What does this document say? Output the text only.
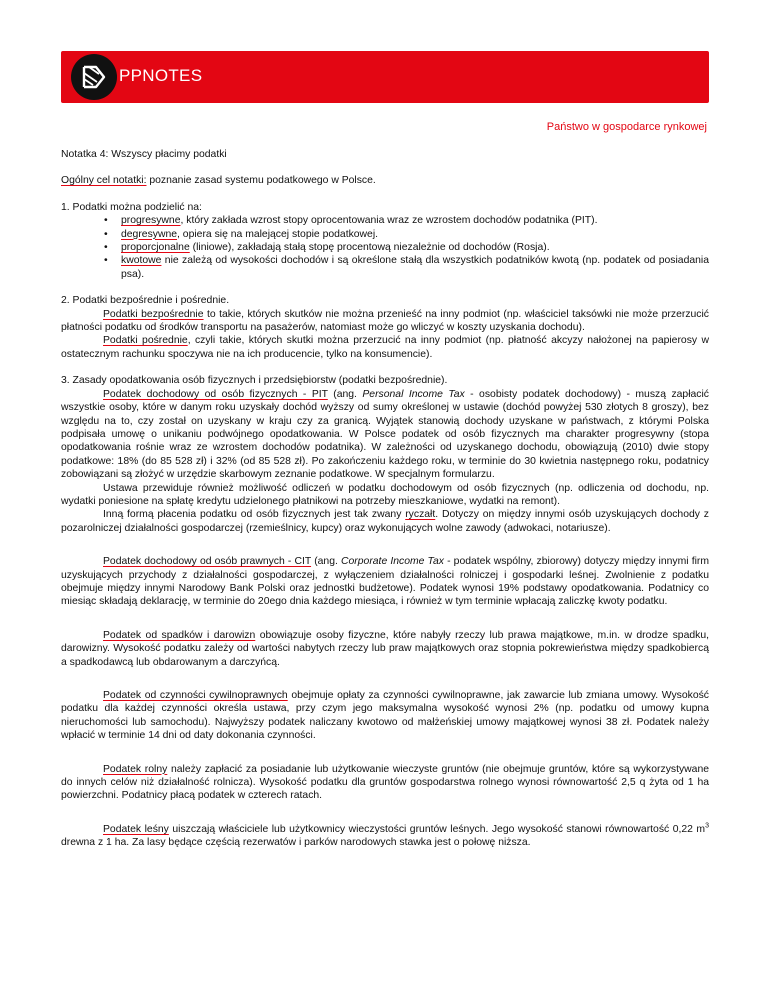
PPNOTES
Państwo w gospodarce rynkowej

Notatka 4: Wszyscy płacimy podatki

Ogólny cel notatki: poznanie zasad systemu podatkowego w Polsce.

1. Podatki można podzielić na:

• progresywne, który zakłada wzrost stopy oprocentowania wraz ze wzrostem dochodów podatnika (PIT).
• degresywne, opiera się na malejącej stopie podatkowej.
• proporcjonalne (liniowe), zakładają stałą stopę procentową niezależnie od dochodów (Rosja).
• kwotowe nie zależą od wysokości dochodów i są określone stałą dla wszystkich podatników kwotą (np. podatek od posiadania psa).

2. Podatki bezpośrednie i pośrednie.

Podatki bezpośrednie to takie, których skutków nie można przenieść na inny podmiot (np. właściciel taksówki nie może przerzucić płatności podatku od środków transportu na pasażerów, natomiast może go wliczyć w koszty uzyskania dochodu).

Podatki pośrednie, czyli takie, których skutki można przerzucić na inny podmiot (np. płatność akcyzy nałożonej na papierosy w ostatecznym rachunku spoczywa nie na ich producencie, tylko na konsumencie).

3. Zasady opodatkowania osób fizycznych i przedsiębiorstw (podatki bezpośrednie).

Podatek dochodowy od osób fizycznych - PIT (ang. Personal Income Tax - osobisty podatek dochodowy) - muszą zapłacić wszystkie osoby, które w danym roku uzyskały dochód wyższy od sumy określonej w ustawie (dochód powyżej 530 złotych 8 groszy), bez względu na to, czy został on uzyskany w kraju czy za granicą. Wyjątek stanowią dochody uzyskane w państwach, z którymi Polska podpisała umowę o unikaniu podwójnego opodatkowania. W Polsce podatek od osób fizycznych ma charakter progresywny (stopa opodatkowania rośnie wraz ze wzrostem dochodów podatnika). W zależności od uzyskanego dochodu, obowiązują (2010) dwie stopy podatkowe: 18% (do 85 528 zł) i 32% (od 85 528 zł). Po zakończeniu każdego roku, w terminie do 30 kwietnia następnego roku, podatnicy zobowiązani są złożyć w urzędzie skarbowym zeznanie podatkowe. W specjalnym formularzu.

Ustawa przewiduje również możliwość odliczeń w podatku dochodowym od osób fizycznych (np. odliczenia od dochodu, np. wydatki poniesione na spłatę kredytu udzielonego płatnikowi na potrzeby mieszkaniowe, wydatki na remont).

Inną formą płacenia podatku od osób fizycznych jest tak zwany ryczałt. Dotyczy on między innymi osób uzyskujących dochody z pozarolniczej działalności gospodarczej (rzemieślnicy, kupcy) oraz wykonujących wolne zawody (adwokaci, notariusze).

Podatek dochodowy od osób prawnych - CIT (ang. Corporate Income Tax - podatek wspólny, zbiorowy) dotyczy między innymi firm uzyskujących przychody z działalności gospodarczej, z wyłączeniem działalności rolniczej i gospodarki leśnej. Zwolnienie z podatku obejmuje między innymi Narodowy Bank Polski oraz jednostki budżetowe). Podatek wynosi 19% podstawy opodatkowania. Podatnicy co miesiąc składają deklarację, w terminie do 20ego dnia każdego miesiąca, i również w tym terminie wpłacają zaliczkę kwoty podatku.

Podatek od spadków i darowizn obowiązuje osoby fizyczne, które nabyły rzeczy lub prawa majątkowe, m.in. w drodze spadku, darowizny. Wysokość podatku zależy od wartości nabytych rzeczy lub praw majątkowych oraz stopnia pokrewieństwa między spadkobiercą a spadkodawcą lub obdarowanym a darczyńcą.

Podatek od czynności cywilnoprawnych obejmuje opłaty za czynności cywilnoprawne, jak zawarcie lub zmiana umowy. Wysokość podatku dla każdej czynności określa ustawa, przy czym jego maksymalna wysokość wynosi 2% (np. podatku od umowy kupna nieruchomości lub samochodu). Najwyższy podatek naliczany kwotowo od małżeńskiej umowy majątkowej wynosi 38 zł. Podatek należy wpłacić w terminie 14 dni od daty dokonania czynności.

Podatek rolny należy zapłacić za posiadanie lub użytkowanie wieczyste gruntów (nie obejmuje gruntów, które są wykorzystywane do innych celów niż działalność rolnicza). Wysokość podatku dla gruntów gospodarstwa rolnego wynosi równowartość 2,5 q żyta od 1 ha powierzchni. Podatnicy płacą podatek w czterech ratach.

Podatek leśny uiszczają właściciele lub użytkownicy wieczystości gruntów leśnych. Jego wysokość stanowi równowartość 0,22 $m^3$ drewna z 1 ha. Za lasy będące częścią rezerwatów i parków narodowych stawka jest o połowę niższa.
